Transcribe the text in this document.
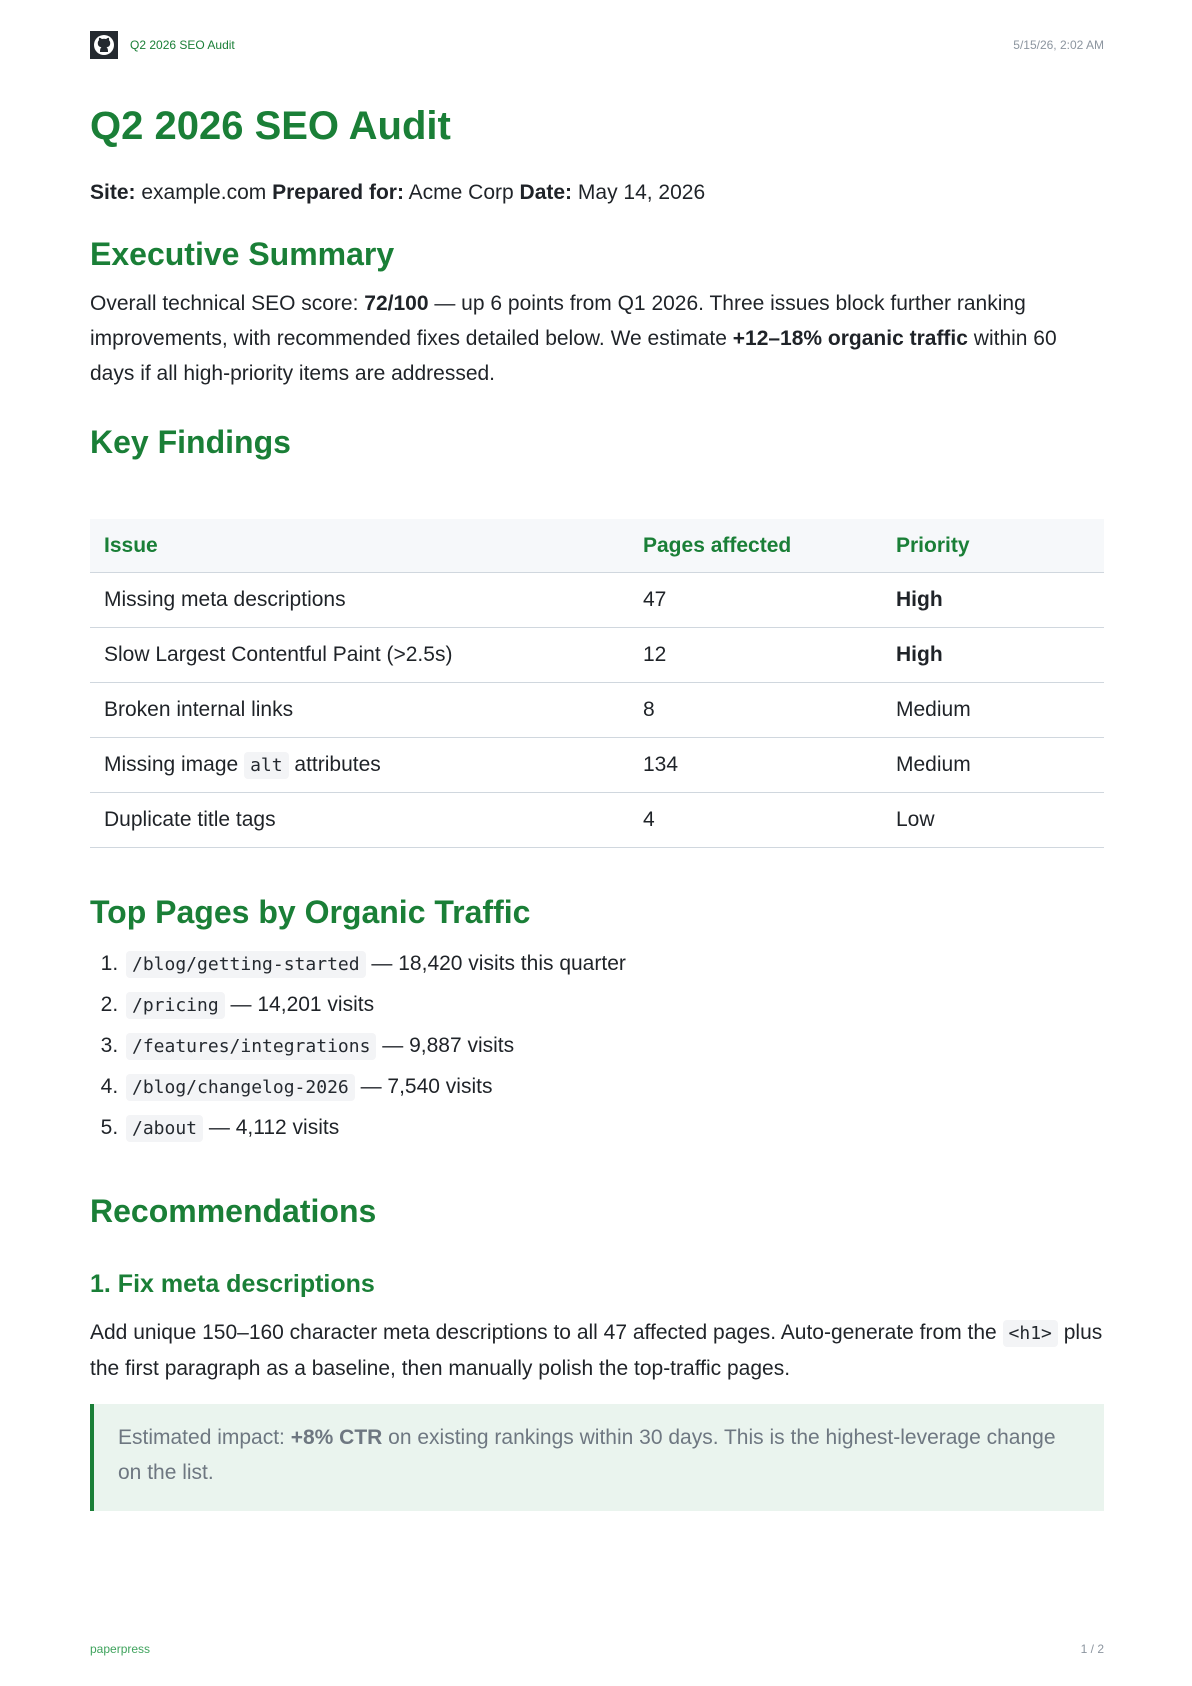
Q2 2026 SEO Audit	5/15/26, 2:02 AM
Q2 2026 SEO Audit
Site: example.com Prepared for: Acme Corp Date: May 14, 2026
Executive Summary

Overall technical SEO score: 72/100 — up 6 points from Q1 2026. Three issues block further ranking improvements, with recommended fixes detailed below. We estimate +12–18% organic traffic within 60 days if all high-priority items are addressed.

Key Findings
Issue	Pages affected	Priority
Missing meta descriptions	47	High
Slow Largest Contentful Paint (>2.5s)	12	High
Broken internal links	8	Medium
Missing image alt attributes	134	Medium
Duplicate title tags	4	Low
Top Pages by Organic Traffic
1. /blog/getting-started — 18,420 visits this quarter
2. /pricing — 14,201 visits
3. /features/integrations — 9,887 visits
4. /blog/changelog-2026 — 7,540 visits
5. /about — 4,112 visits
Recommendations
1. Fix meta descriptions

Add unique 150–160 character meta descriptions to all 47 affected pages. Auto-generate from the <h1> plus the first paragraph as a baseline, then manually polish the top-traffic pages.

Estimated impact: +8% CTR on existing rankings within 30 days. This is the highest-leverage change on the list.
paperpress	1 / 2
